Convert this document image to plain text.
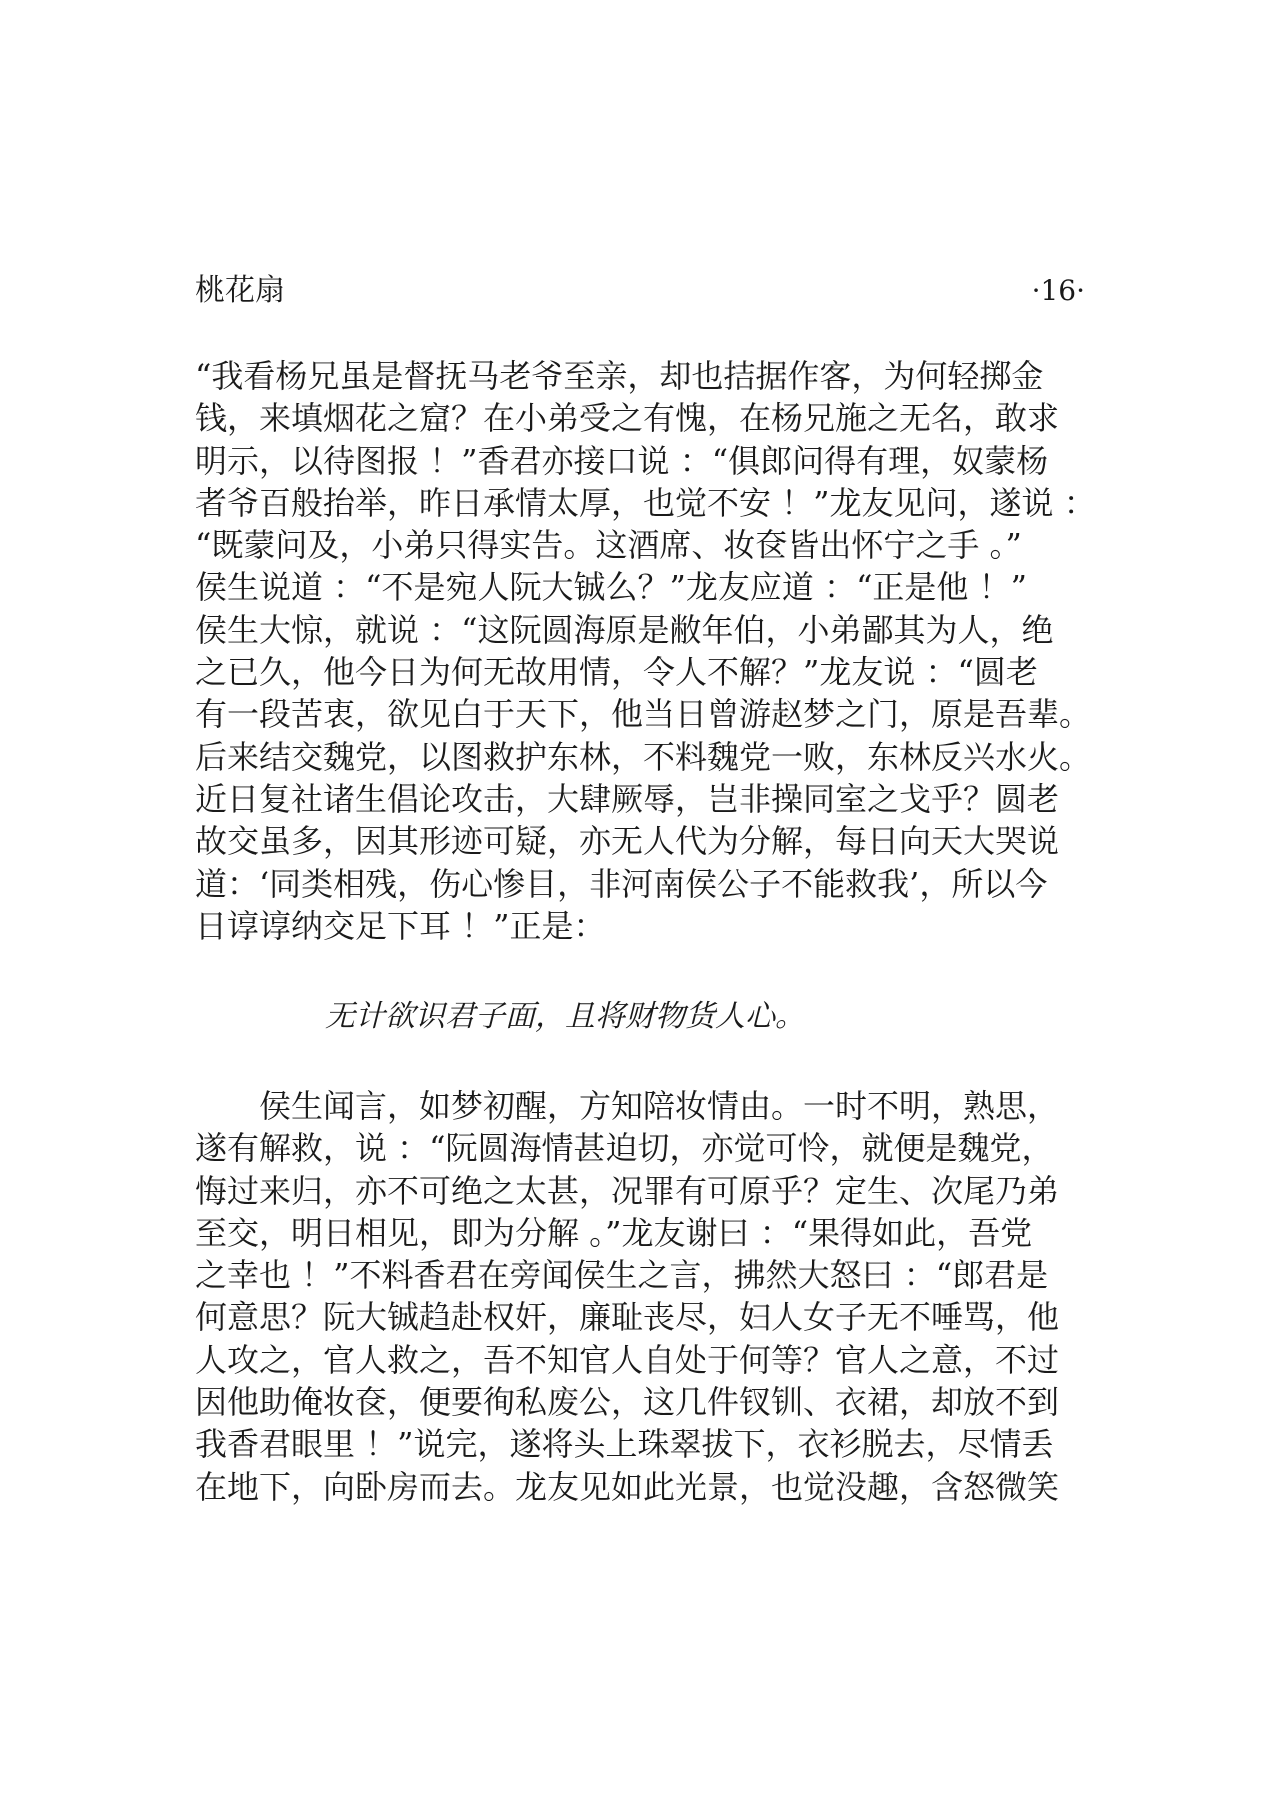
桃花扇	·16·
“我看杨兄虽是督抚马老爷至亲，却也拮据作客，为何轻掷金
钱，来填烟花之窟？在小弟受之有愧，在杨兄施之无名，敢求
明示，以待图报 ！”香君亦接口说 ：“俱郎问得有理，奴蒙杨
者爷百般抬举，昨日承情太厚，也觉不安 ！”龙友见问，遂说 ：
“既蒙问及，小弟只得实告。这酒席、妆奁皆出怀宁之手 。”
侯生说道 ：“不是宛人阮大铖么？”龙友应道 ：“正是他 ！”
侯生大惊，就说 ：“这阮圆海原是敝年伯，小弟鄙其为人，绝
之已久，他今日为何无故用情，令人不解？”龙友说 ：“圆老
有一段苦衷，欲见白于天下，他当日曾游赵梦之门，原是吾辈。
后来结交魏党，以图救护东林，不料魏党一败，东林反兴水火。
近日复社诸生倡论攻击，大肆厥辱，岂非操同室之戈乎？圆老
故交虽多，因其形迹可疑，亦无人代为分解，每日向天大哭说
道：‘同类相残，伤心惨目，非河南侯公子不能救我’，所以今
日谆谆纳交足下耳 ！”正是：
无计欲识君子面，且将财物货人心。
　　侯生闻言，如梦初醒，方知陪妆情由。一时不明，熟思，
遂有解救，说 ：“阮圆海情甚迫切，亦觉可怜，就便是魏党，
悔过来归，亦不可绝之太甚，况罪有可原乎？定生、次尾乃弟
至交，明日相见，即为分解 。”龙友谢曰 ：“果得如此，吾党
之幸也 ！”不料香君在旁闻侯生之言，拂然大怒曰 ：“郎君是
何意思？阮大铖趋赴权奸，廉耻丧尽，妇人女子无不唾骂，他
人攻之，官人救之，吾不知官人自处于何等？官人之意，不过
因他助俺妆奁，便要徇私废公，这几件钗钏、衣裙，却放不到
我香君眼里 ！”说完，遂将头上珠翠拔下，衣衫脱去，尽情丢
在地下，向卧房而去。龙友见如此光景，也觉没趣，含怒微笑
